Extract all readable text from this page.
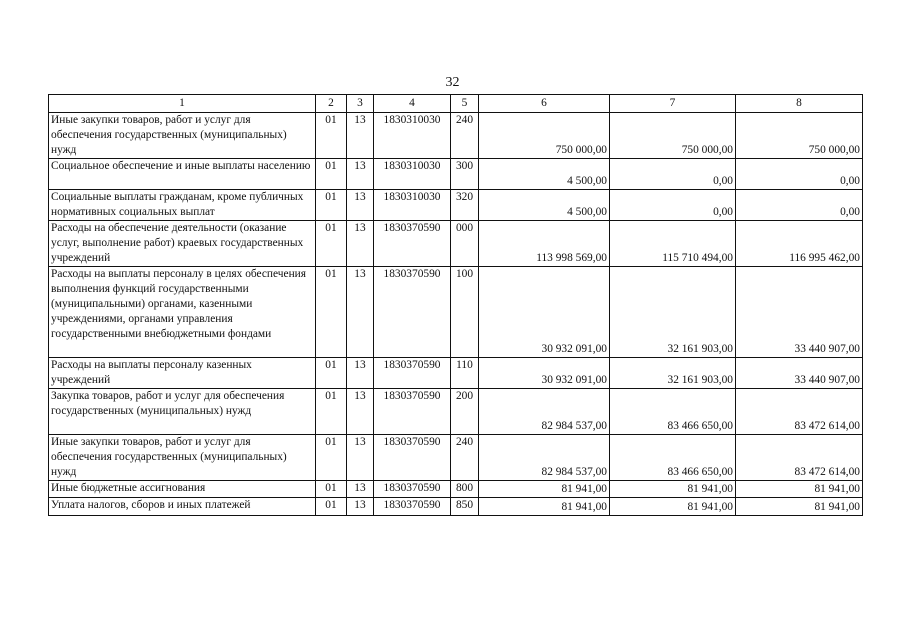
32
1	2	3	4	5	6	7	8
Иные закупки товаров, работ и услуг для обеспечения государственных (муниципальных) нужд	01	13	1830310030	240	750 000,00	750 000,00	750 000,00
Социальное обеспечение и иные выплаты населению	01	13	1830310030	300	4 500,00	0,00	0,00
Социальные выплаты гражданам, кроме публичных нормативных социальных выплат	01	13	1830310030	320	4 500,00	0,00	0,00
Расходы на обеспечение деятельности (оказание услуг, выполнение работ) краевых государственных учреждений	01	13	1830370590	000	113 998 569,00	115 710 494,00	116 995 462,00
Расходы на выплаты персоналу в целях обеспечения выполнения функций государственными (муниципальными) органами, казенными учреждениями, органами управления государственными внебюджетными фондами	01	13	1830370590	100	30 932 091,00	32 161 903,00	33 440 907,00
Расходы на выплаты персоналу казенных учреждений	01	13	1830370590	110	30 932 091,00	32 161 903,00	33 440 907,00
Закупка товаров, работ и услуг для обеспечения государственных (муниципальных) нужд	01	13	1830370590	200	82 984 537,00	83 466 650,00	83 472 614,00
Иные закупки товаров, работ и услуг для обеспечения государственных (муниципальных) нужд	01	13	1830370590	240	82 984 537,00	83 466 650,00	83 472 614,00
Иные бюджетные ассигнования	01	13	1830370590	800	81 941,00	81 941,00	81 941,00
Уплата налогов, сборов и иных платежей	01	13	1830370590	850	81 941,00	81 941,00	81 941,00
